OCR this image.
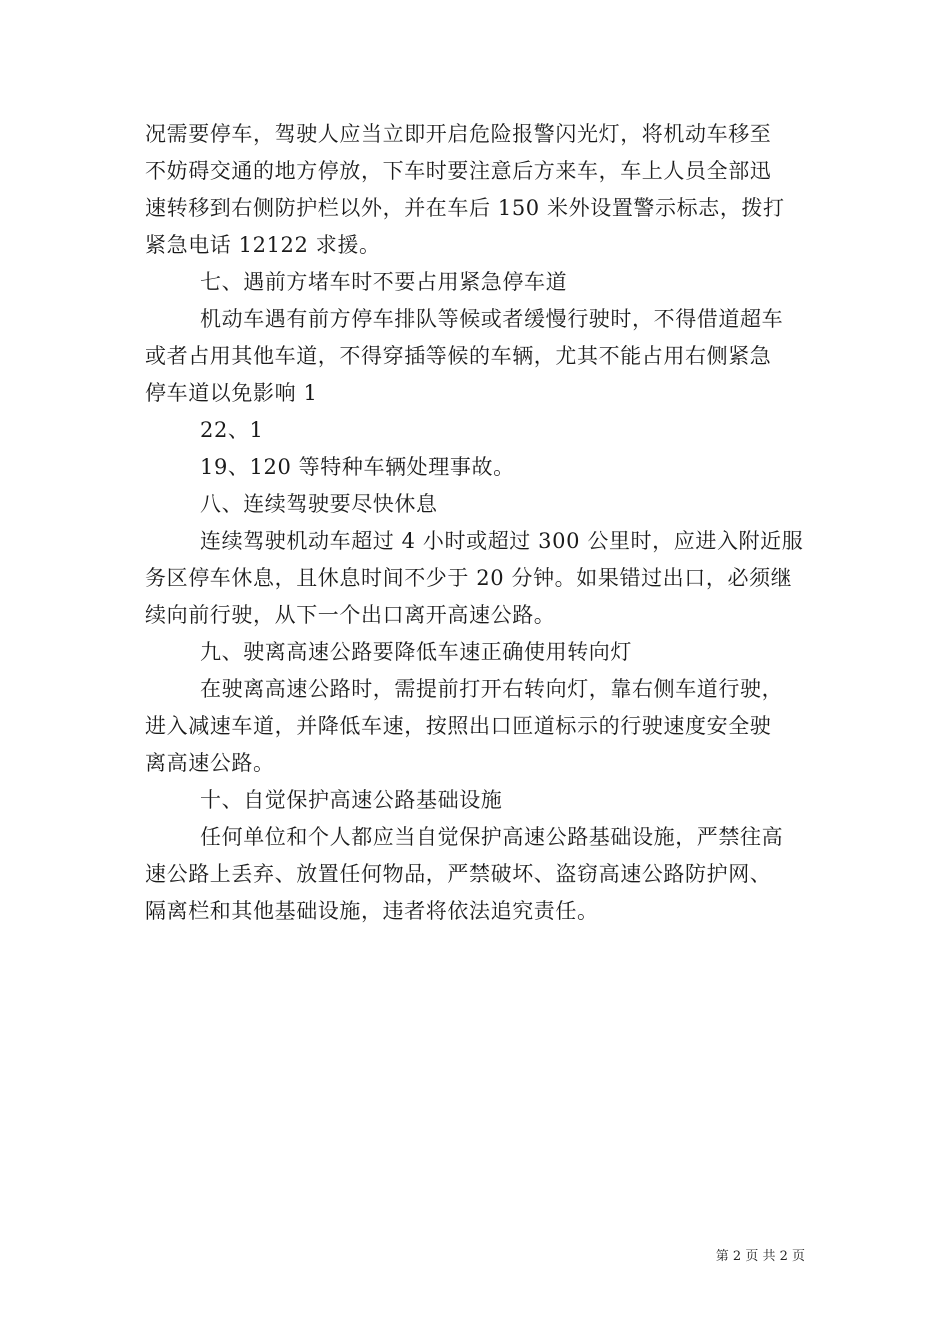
况需要停车，驾驶人应当立即开启危险报警闪光灯，将机动车移至
不妨碍交通的地方停放，下车时要注意后方来车，车上人员全部迅
速转移到右侧防护栏以外，并在车后 150 米外设置警示标志，拨打
紧急电话 12122 求援。
七、遇前方堵车时不要占用紧急停车道
机动车遇有前方停车排队等候或者缓慢行驶时，不得借道超车
或者占用其他车道，不得穿插等候的车辆，尤其不能占用右侧紧急
停车道以免影响 1
22、1
19、120 等特种车辆处理事故。
八、连续驾驶要尽快休息
连续驾驶机动车超过 4 小时或超过 300 公里时，应进入附近服
务区停车休息，且休息时间不少于 20 分钟。如果错过出口，必须继
续向前行驶，从下一个出口离开高速公路。
九、驶离高速公路要降低车速正确使用转向灯
在驶离高速公路时，需提前打开右转向灯，靠右侧车道行驶，
进入减速车道，并降低车速，按照出口匝道标示的行驶速度安全驶
离高速公路。
十、自觉保护高速公路基础设施
任何单位和个人都应当自觉保护高速公路基础设施，严禁往高
速公路上丢弃、放置任何物品，严禁破坏、盗窃高速公路防护网、
隔离栏和其他基础设施，违者将依法追究责任。
第 2 页 共 2 页
